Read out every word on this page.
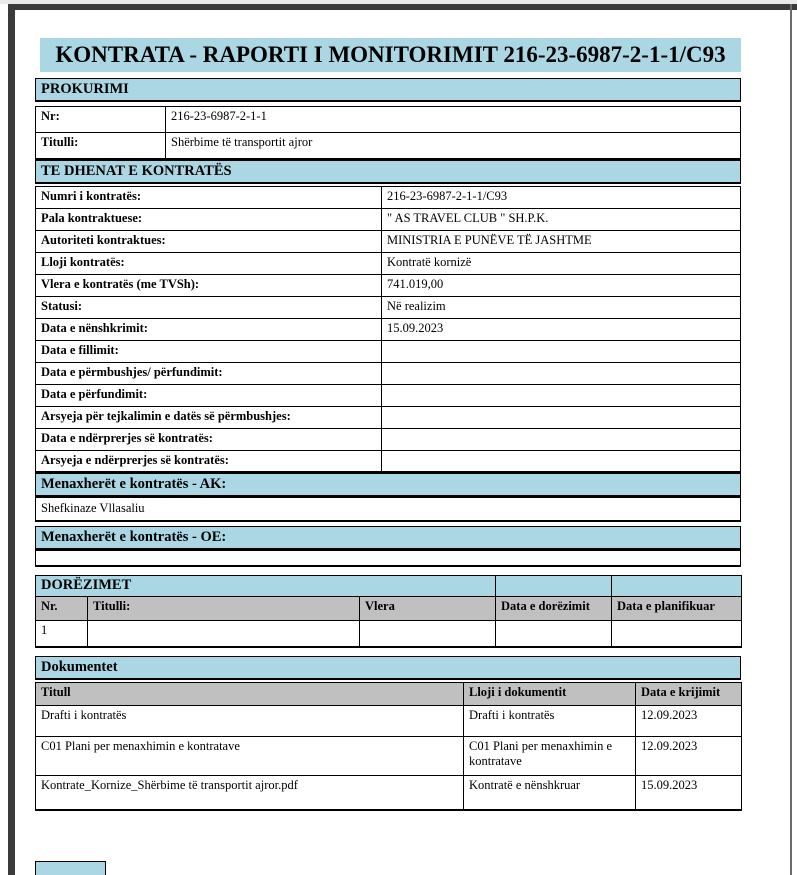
KONTRATA - RAPORTI I MONITORIMIT 216-23-6987-2-1-1/C93
PROKURIMI
Nr:	216-23-6987-2-1-1
Titulli:	Shërbime të transportit ajror
TE DHENAT E KONTRATËS
Numri i kontratës:	216-23-6987-2-1-1/C93
Pala kontraktuese:	" AS TRAVEL CLUB " SH.P.K.
Autoriteti kontraktues:	MINISTRIA E PUNËVE TË JASHTME
Lloji kontratës:	Kontratë kornizë
Vlera e kontratës (me TVSh):	741.019,00
Statusi:	Në realizim
Data e nënshkrimit:	15.09.2023
Data e fillimit:	
Data e përmbushjes/ përfundimit:	
Data e përfundimit:	
Arsyeja për tejkalimin e datës së përmbushjes:	
Data e ndërprerjes së kontratës:	
Arsyeja e ndërprerjes së kontratës:	
Menaxherët e kontratës - AK:
Shefkinaze Vllasaliu
Menaxherët e kontratës - OE:
DORËZIMET				
Nr.	Titulli:	Vlera	Data e dorëzimit	Data e planifikuar
1				
Dokumentet
Titull	Lloji i dokumentit	Data e krijimit
Drafti i kontratës	Drafti i kontratës	12.09.2023
C01 Plani per menaxhimin e kontratave	C01 Plani per menaxhimin e kontratave	12.09.2023
Kontrate_Kornize_Shërbime të transportit ajror.pdf	Kontratë e nënshkruar	15.09.2023
